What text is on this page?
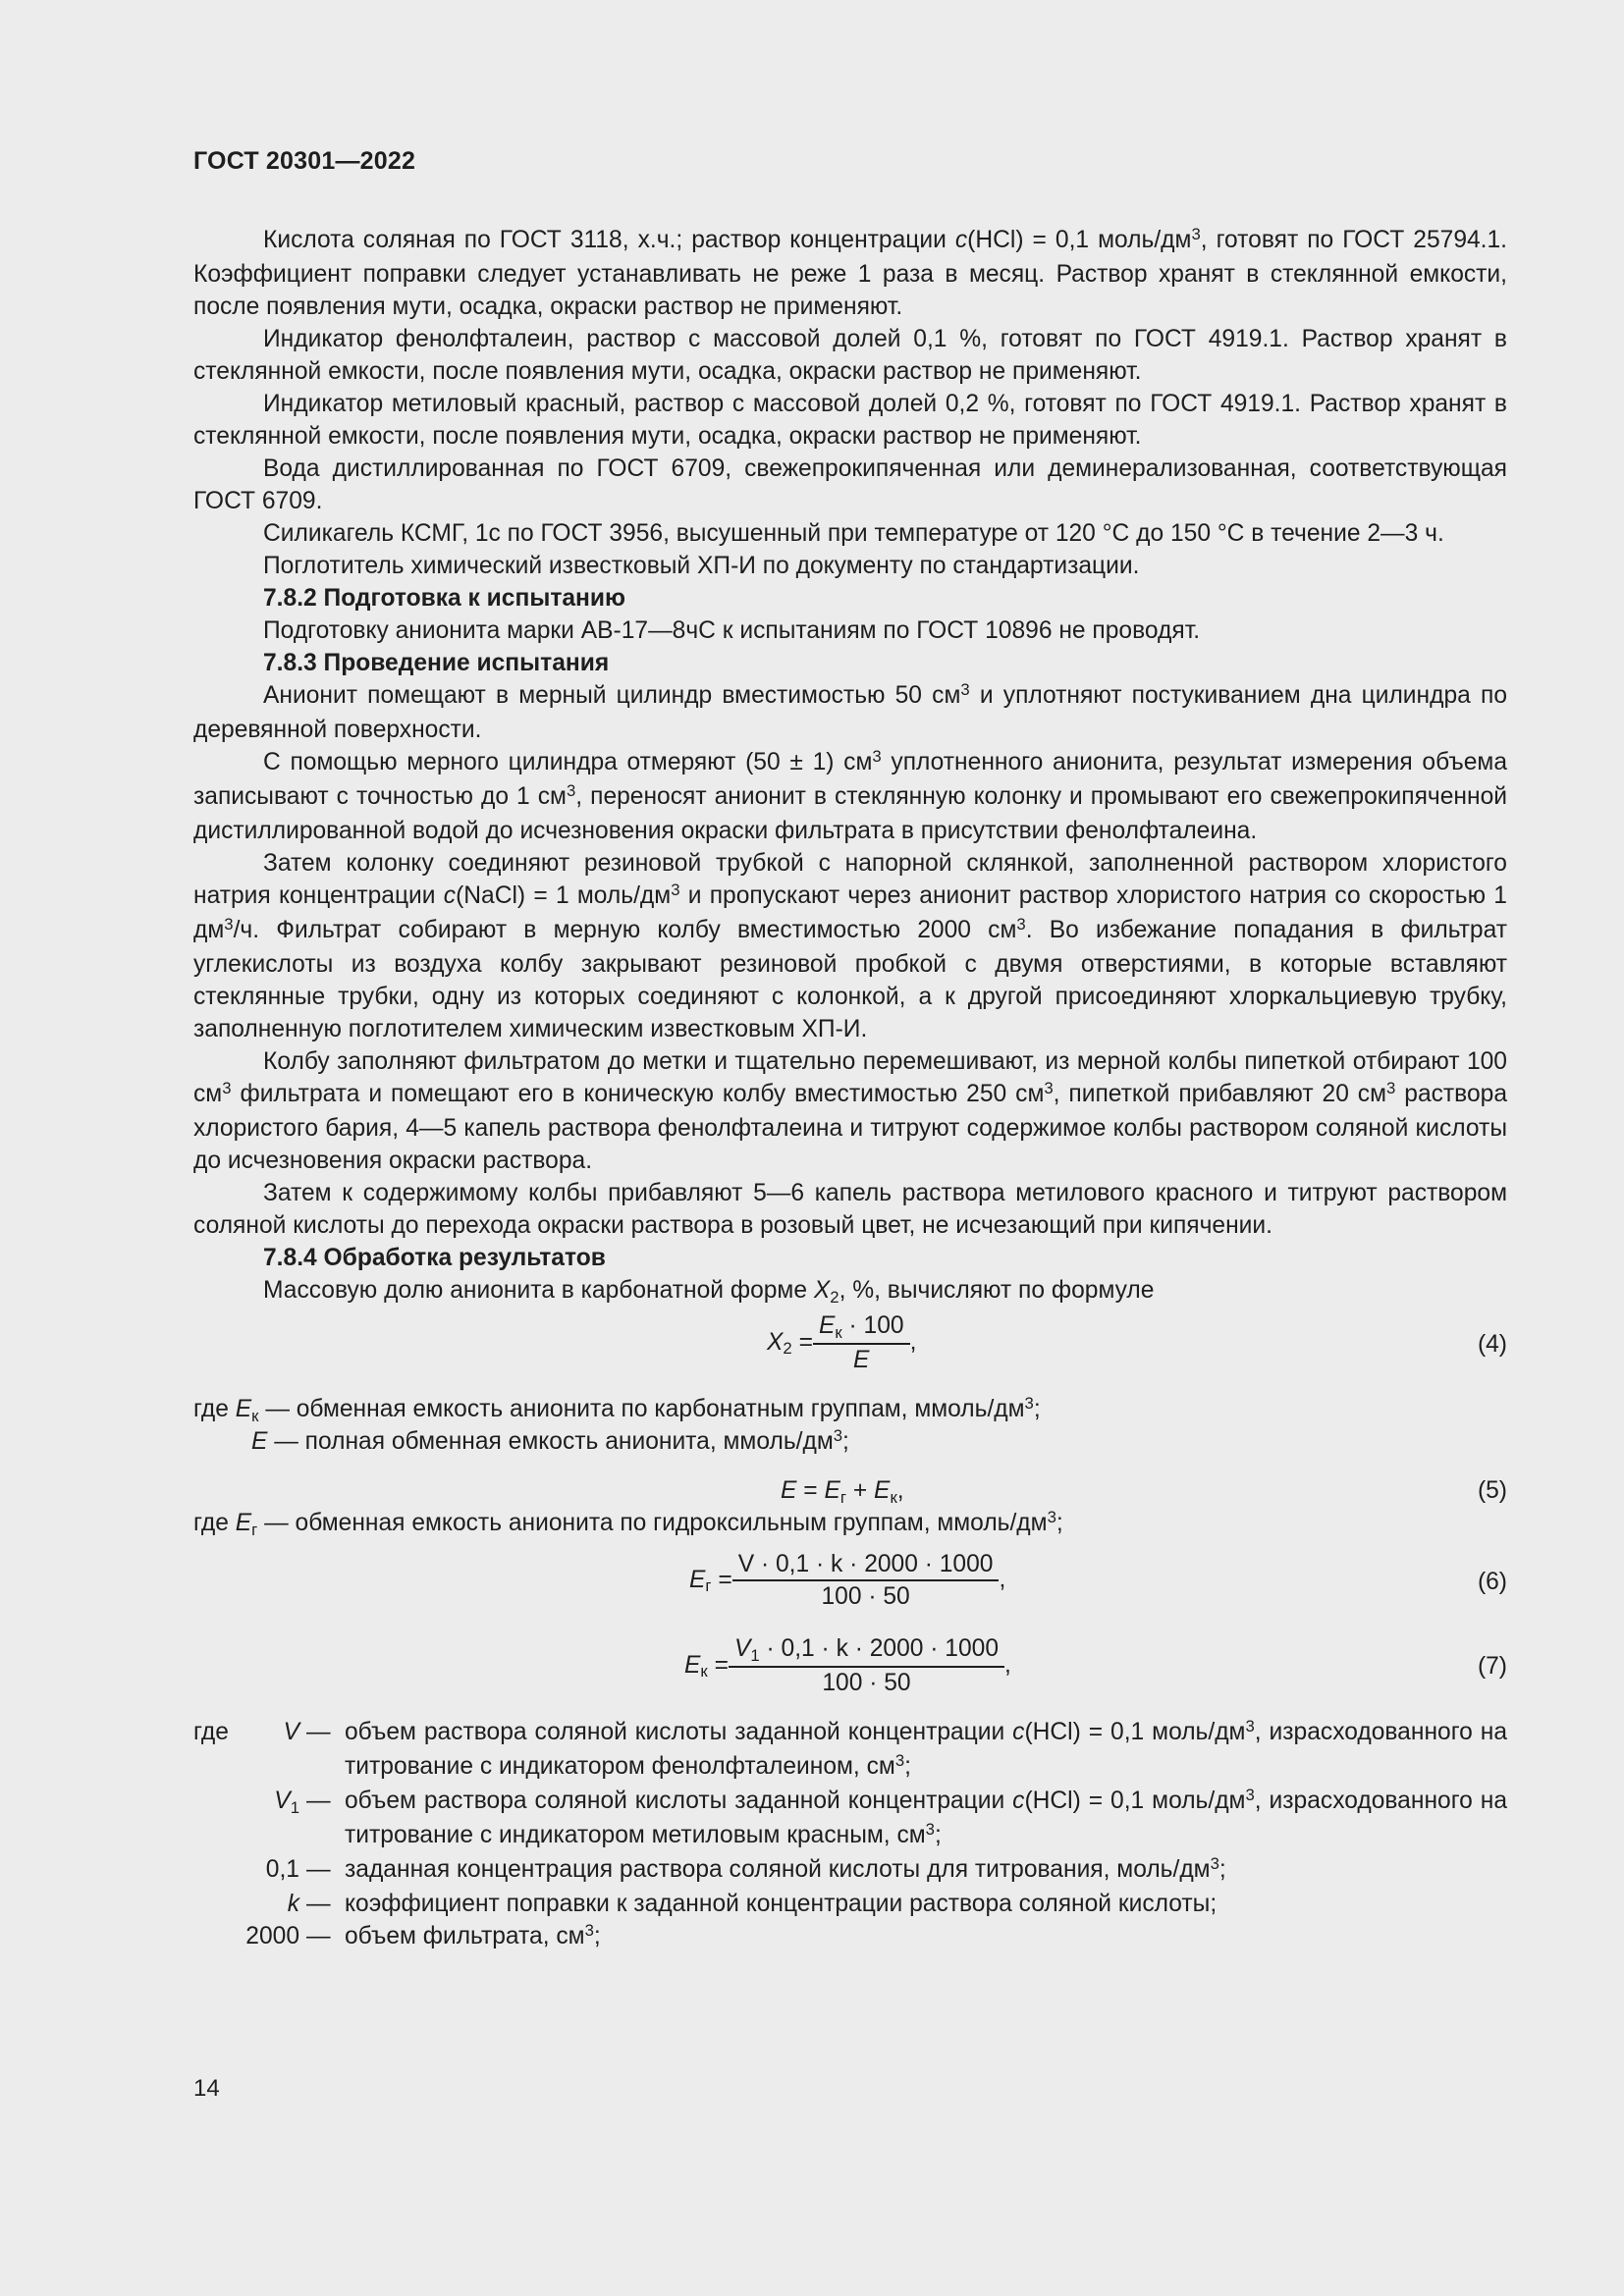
ГОСТ 20301—2022

Кислота соляная по ГОСТ 3118, х.ч.; раствор концентрации c(HCl) = 0,1 моль/$дм^3$, готовят по ГОСТ 25794.1. Коэффициент поправки следует устанавливать не реже 1 раза в месяц. Раствор хранят в стеклянной емкости, после появления мути, осадка, окраски раствор не применяют.

Индикатор фенолфталеин, раствор с массовой долей 0,1 %, готовят по ГОСТ 4919.1. Раствор хранят в стеклянной емкости, после появления мути, осадка, окраски раствор не применяют.

Индикатор метиловый красный, раствор с массовой долей 0,2 %, готовят по ГОСТ 4919.1. Раствор хранят в стеклянной емкости, после появления мути, осадка, окраски раствор не применяют.

Вода дистиллированная по ГОСТ 6709, свежепрокипяченная или деминерализованная, соответствующая ГОСТ 6709.

Силикагель КСМГ, 1с по ГОСТ 3956, высушенный при температуре от 120 °С до 150 °С в течение 2—3 ч.

Поглотитель химический известковый ХП-И по документу по стандартизации.

7.8.2 Подготовка к испытанию

Подготовку анионита марки АВ-17—8чС к испытаниям по ГОСТ 10896 не проводят.

7.8.3 Проведение испытания

Анионит помещают в мерный цилиндр вместимостью 50 $см^3$ и уплотняют постукиванием дна цилиндра по деревянной поверхности.

С помощью мерного цилиндра отмеряют (50 ± 1) $см^3$ уплотненного анионита, результат измерения объема записывают с точностью до 1 $см^3$, переносят анионит в стеклянную колонку и промывают его свежепрокипяченной дистиллированной водой до исчезновения окраски фильтрата в присутствии фенолфталеина.

Затем колонку соединяют резиновой трубкой с напорной склянкой, заполненной раствором хлористого натрия концентрации c(NaCl) = 1 моль/$дм^3$ и пропускают через анионит раствор хлористого натрия со скоростью 1 $дм^3/ч$. Фильтрат собирают в мерную колбу вместимостью 2000 $см^3$. Во избежание попадания в фильтрат углекислоты из воздуха колбу закрывают резиновой пробкой с двумя отверстиями, в которые вставляют стеклянные трубки, одну из которых соединяют с колонкой, а к другой присоединяют хлоркальциевую трубку, заполненную поглотителем химическим известковым ХП-И.

Колбу заполняют фильтратом до метки и тщательно перемешивают, из мерной колбы пипеткой отбирают 100 $см^3$ фильтрата и помещают его в коническую колбу вместимостью 250 $см^3$, пипеткой прибавляют 20 $см^3$ раствора хлористого бария, 4—5 капель раствора фенолфталеина и титруют содержимое колбы раствором соляной кислоты до исчезновения окраски раствора.

Затем к содержимому колбы прибавляют 5—6 капель раствора метилового красного и титруют раствором соляной кислоты до перехода окраски раствора в розовый цвет, не исчезающий при кипячении.

7.8.4 Обработка результатов

Массовую долю анионита в карбонатной форме $X_2$, %, вычисляют по формуле

$X_2 = \frac{E_к \cdot 100}{E}$ ,	(4)
где $E_к$ — обменная емкость анионита по карбонатным группам, ммоль/$дм^3$;
E — полная обменная емкость анионита, ммоль/$дм^3$;
$E = E_г + E_к$,	(5)
где $E_г$ — обменная емкость анионита по гидроксильным группам, ммоль/$дм^3$;
$E_г = \frac{V \cdot 0,1 \cdot k \cdot 2000 \cdot 1000}{100 \cdot 50}$ ,	(6)
$E_к = \frac{V_1 \cdot 0,1 \cdot k \cdot 2000 \cdot 1000}{100 \cdot 50}$ ,	(7)
где	V — объем раствора соляной кислоты заданной концентрации c(HCl) = 0,1 моль/$дм^3$, израсходованного на титрование с индикатором фенолфталеином, $см^3$;
$V_1$ — объем раствора соляной кислоты заданной концентрации c(HCl) = 0,1 моль/$дм^3$, израсходованного на титрование с индикатором метиловым красным, $см^3$;
0,1 — заданная концентрация раствора соляной кислоты для титрования, моль/$дм^3$;
k — коэффициент поправки к заданной концентрации раствора соляной кислоты;
2000 — объем фильтрата, $см^3$;
14
